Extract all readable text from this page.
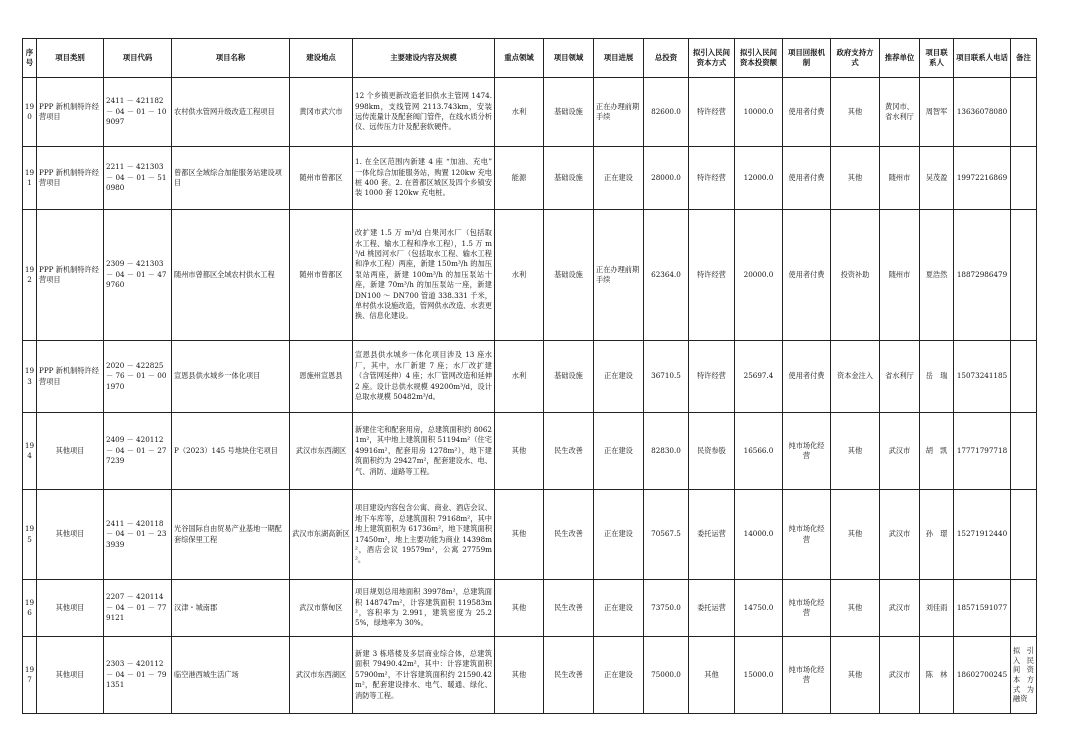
序号	项目类别	项目代码	项目名称	建设地点	主要建设内容及规模	重点领域	项目领域	项目进展	总投资	拟引入民间资本方式	拟引入民间资本投资额	项目回报机制	政府支持方式	推荐单位	项目联系人	项目联系人电话	备注
190	PPP 新机制特许经营项目	2411 － 421182 － 04 － 01 － 109097	农村供水管网升级改造工程项目	黄冈市武穴市	12 个乡镇更新改造老旧供水主管网 1474.998km，支线管网 2113.743km，安装远传流量计及配套阀门管件，在线水质分析仪、远传压力计及配套软硬件。	水利	基础设施	正在办理前期手续	82600.0	特许经营	10000.0	使用者付费	其他	黄冈市、省水利厅	周智军	13636078080	
191	PPP 新机制特许经营项目	2211 － 421303 － 04 － 01 － 510980	曾都区全域综合加能服务站建设项目	随州市曾都区	1. 在全区范围内新建 4 座 “加油、充电” 一体化综合加能服务站，购置 120kw 充电桩 400 套。2. 在曾都区城区及四个乡镇安装 1000 套 120kw 充电桩。	能源	基础设施	正在建设	28000.0	特许经营	12000.0	使用者付费	其他	随州市	吴茂盈	19972216869	
192	PPP 新机制特许经营项目	2309 － 421303 － 04 － 01 － 479760	随州市曾都区全域农村供水工程	随州市曾都区	改扩建 1.5 万 m³/d 白果河水厂（包括取水工程、输水工程和净水工程），1.5 万 m³/d 桃园河水厂（包括取水工程、输水工程和净水工程）两座，新建 150m³/h 的加压泵站两座，新建 100m³/h 的加压泵站十座，新建 70m³/h 的加压泵站一座，新建 DN100 ～ DN700 管道 338.331 千米，单村供水设施改造，管网供水改造、水表更换、信息化建设。	水利	基础设施	正在办理前期手续	62364.0	特许经营	20000.0	使用者付费	投资补助	随州市	夏浩然	18872986479	
193	PPP 新机制特许经营项目	2020 － 422825 － 76 － 01 － 001970	宣恩县供水城乡一体化项目	恩施州宣恩县	宣恩县供水城乡一体化项目涉及 13 座水厂，其中，水厂新建 7 座；水厂改扩建（含管网延伸）4 座；水厂管网改造和延伸 2 座。设计总供水规模 49200m³/d，设计总取水规模 50482m³/d。	水利	基础设施	正在建设	36710.5	特许经营	25697.4	使用者付费	资本金注入	省水利厅	岳　瑞	15073241185	
194	其他项目	2409 － 420112 － 04 － 01 － 277239	P（2023）145 号地块住宅项目	武汉市东西湖区	新建住宅和配套用房，总建筑面积约 80621m²，其中地上建筑面积 51194m²（住宅 49916m²，配套用房 1278m²），地下建筑面积约为 29427m²，配套建设水、电、气、消防、道路等工程。	其他	民生改善	正在建设	82830.0	民资参股	16566.0	纯市场化经营	其他	武汉市	胡　凯	17771797718	
195	其他项目	2411 － 420118 － 04 － 01 － 233939	光谷国际自由贸易产业基地一期配套综保里工程	武汉市东湖高新区	项目建设内容包含公寓、商业、酒店会议、地下车库等，总建筑面积 79168m²，其中地上建筑面积为 61736m²，地下建筑面积 17450m²，地上主要功能为商业 14398m²，酒店会议 19579m²，公寓 27759m²。	其他	民生改善	正在建设	70567.5	委托运营	14000.0	纯市场化经营	其他	武汉市	孙　璟	15271912440	
196	其他项目	2207 － 420114 － 04 － 01 － 779121	汉津・城南郡	武汉市蔡甸区	项目规划总用地面积 39978m²，总建筑面积 148747m²，计容建筑面积 119583m²，容积率为 2.991，建筑密度为 25.25%，绿地率为 30%。	其他	民生改善	正在建设	73750.0	委托运营	14750.0	纯市场化经营	其他	武汉市	刘佳雨	18571591077	
197	其他项目	2303 － 420112 － 04 － 01 － 791351	临空港西城生活广场	武汉市东西湖区	新建 3 栋塔楼及多层商业综合体，总建筑面积 79490.42m²，其中：计容建筑面积 57900m²，不计容建筑面积约 21590.42m²，配套建设排水、电气、暖通、绿化、消防等工程。	其他	民生改善	正在建设	75000.0	其他	15000.0	纯市场化经营	其他	武汉市	陈　林	18602700245	拟引入民间资本方式为融资
